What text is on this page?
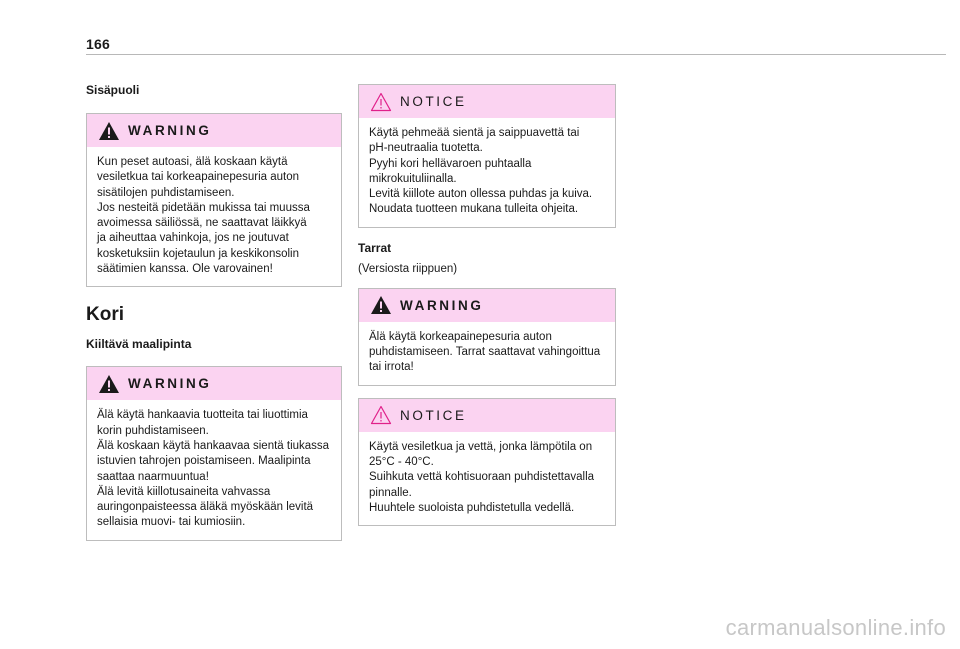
166

Sisäpuoli

WARNING
Kun peset autoasi, älä koskaan käytä
vesiletkua tai korkeapainepesuria auton
sisätilojen puhdistamiseen.
Jos nesteitä pidetään mukissa tai muussa
avoimessa säiliössä, ne saattavat läikkyä
ja aiheuttaa vahinkoja, jos ne joutuvat
kosketuksiin kojetaulun ja keskikonsolin
säätimien kanssa. Ole varovainen!
Kori

Kiiltävä maalipinta

WARNING
Älä käytä hankaavia tuotteita tai liuottimia
korin puhdistamiseen.
Älä koskaan käytä hankaavaa sientä tiukassa
istuvien tahrojen poistamiseen. Maalipinta
saattaa naarmuuntua!
Älä levitä kiillotusaineita vahvassa
auringonpaisteessa äläkä myöskään levitä
sellaisia muovi- tai kumiosiin.
NOTICE
Käytä pehmeää sientä ja saippuavettä tai
pH-neutraalia tuotetta.
Pyyhi kori hellävaroen puhtaalla
mikrokuituliinalla.
Levitä kiillote auton ollessa puhdas ja kuiva.
Noudata tuotteen mukana tulleita ohjeita.

Tarrat

(Versiosta riippuen)

WARNING
Älä käytä korkeapainepesuria auton
puhdistamiseen. Tarrat saattavat vahingoittua
tai irrota!
NOTICE
Käytä vesiletkua ja vettä, jonka lämpötila on
25°C - 40°C.
Suihkuta vettä kohtisuoraan puhdistettavalla
pinnalle.
Huuhtele suoloista puhdistetulla vedellä.
carmanualsonline.info
